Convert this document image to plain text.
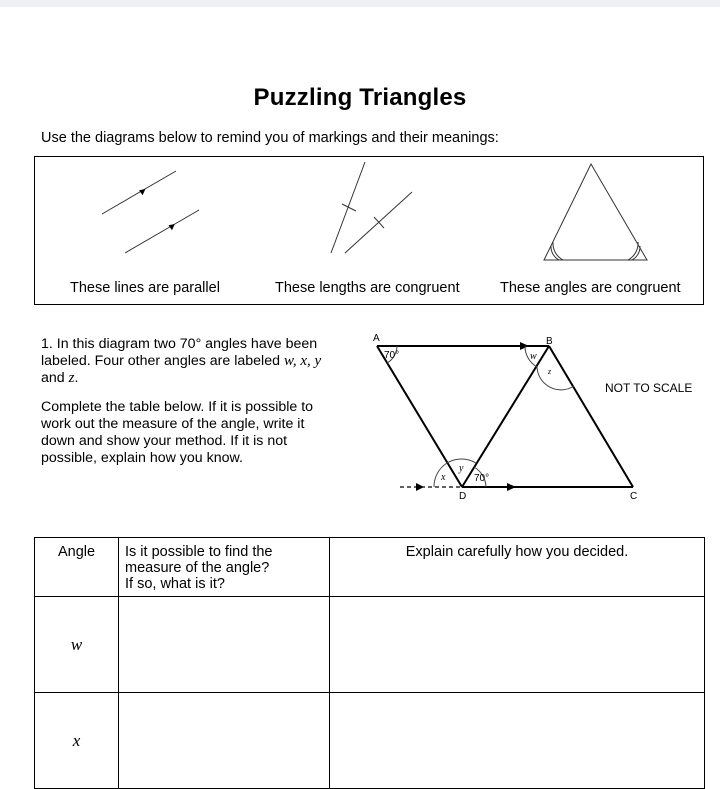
Puzzling Triangles
Use the diagrams below to remind you of markings and their meanings:
These lines are parallel	These lengths are congruent	These angles are congruent

1. In this diagram two 70° angles have been labeled. Four other angles are labeled w, x, y and z.

Complete the table below. If it is possible to work out the measure of the angle, write it down and show your method. If it is not possible, explain how you know.

A	B
D	C
70°
70°
NOT TO SCALE
w
z
x
y
Angle	Is it possible to find the
measure of the angle?
If so, what is it?	Explain carefully how you decided.
w		
x		
